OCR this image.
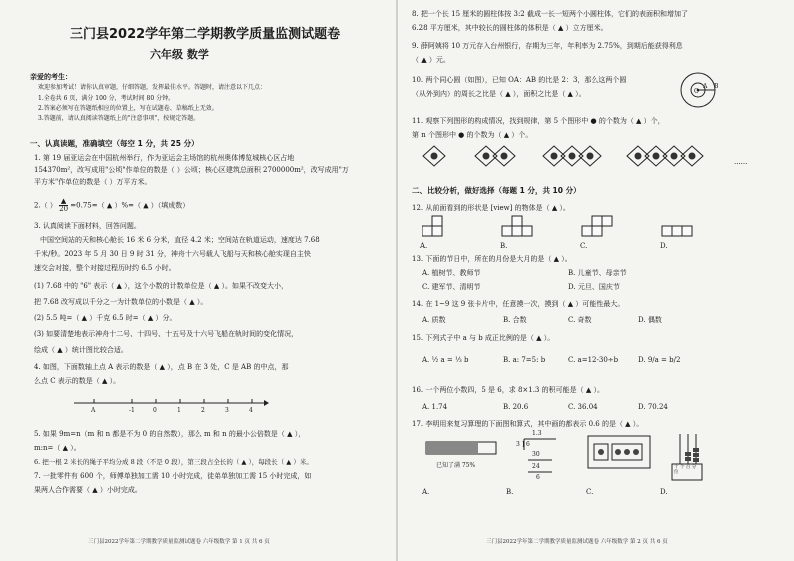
三门县2022学年第二学期教学质量监测试题卷
六年级 数学
亲爱的考生：
欢迎参加考试！请你认真审题，仔细答题，发挥最佳水平。答题时，请注意以下几点：
1.全卷共 6 页，满分 100 分，考试时间 80 分钟。
2.答案必须写在答题纸相应的位置上，写在试题卷、草稿纸上无效。
3.答题前，请认真阅读答题纸上的"注意事项"，按规定答题。
一、认真读题，准确填空（每空 1 分，共 25 分）
1. 第 19 届亚运会在中国杭州举行，作为亚运会主场馆的杭州奥体博览城核心区占地
154370m²，改写成用"公顷"作单位的数是（ ）公顷；核心区建筑总面积 2700000m²，改写成用"万
平方米"作单位的数是（ ）万平方米。
2.（ ） $\frac{▲}{20} =0.75=$（ ▲ ）%=（ ▲ ）（填成数）
3. 认真阅读下面材料，回答问题。
中国空间站的天和核心舱长 16 米 6 分米，直径 4.2 米；空间站在轨道运动，速度达 7.68
千米/秒。2023 年 5 月 30 日 9 时 31 分，神舟十六号载人飞船与天和核心舱实现自主快
速交会对接，整个对接过程历时约 6.5 小时。
(1) 7.68 中的 "6" 表示（ ▲ ），这个小数的计数单位是（ ▲ ）。如果不改变大小，
把 7.68 改写成以千分之一为计数单位的小数是（ ▲ ）。
(2) 5.5 吨=（ ▲ ）千克 6.5 时=（ ▲ ）分。
(3) 如要清楚地表示神舟十二号、十四号、十五号及十六号飞船在轨时间的变化情况，
绘成（ ▲ ）统计图比较合适。
4. 如图，下面数轴上点 A 表示的数是（ ▲ ），点 B 在 3 处，C 是 AB 的中点，那
么点 C 表示的数是（ ▲ ）。
A	-1	0	1	2	3	4
5. 如果 9m=n（m 和 n 都是不为 0 的自然数），那么 m 和 n 的最小公倍数是（ ▲ ），
m:n=（ ▲ ）。
6. 把一根 2 米长的绳子平均分成 8 段（不是 0 段），第三段占全长的（ ▲ ），每段长（ ▲ ）米。
7. 一批零件有 600 个，师傅单独加工需 10 小时完成，徒弟单独加工需 15 小时完成，如
果两人合作需要（ ▲ ）小时完成。
三门县2022学年第二学期教学质量监测试题卷 六年级数学 第 1 页 共 6 页
8. 把一个长 15 厘米的圆柱体按 3:2 截成一长一短两个小圆柱体，它们的表面积和增加了
6.28 平方厘米，其中较长的圆柱体的体积是（ ▲ ）立方厘米。
9. 薛阿姨将 10 万元存入台州银行，存期为三年，年利率为 2.75%，到期后能获得利息
（ ▲ ）元。
10. 两个同心圆（如图），已知 OA：AB 的比是 2：3，那么这两个圆
（从外到内）的周长之比是（ ▲ ），面积之比是（ ▲ ）。	O
A B
11. 观察下列图形的构成情况，找到规律，第 5 个图形中 ● 的个数为（ ▲ ）个，
第 n 个图形中 ● 的个数为（ ▲ ）个。
......
二、比较分析，做好选择（每题 1 分，共 10 分）
12. 从前面看到的形状是 [view] 的物体是（ ▲ ）。
13. 下面的节日中，所在的月份是大月的是（ ▲ ）。
A. 植树节、教师节	B. 儿童节、母亲节
C. 建军节、清明节	D. 元旦、国庆节
14. 在 1~9 这 9 张卡片中，任意摸一次，摸到（ ▲ ）可能性最大。
A. 质数	B. 合数	C. 奇数	D. 偶数
15. 下列式子中 a 与 b 成正比例的是（ ▲ ）。
A. ½ a = ⅓ b	B. a: 7=5: b	C. a=12-30÷b	D. 9/a = b/2
16. 一个两位小数四，5 是 6，求 8×1.3 的积可能是（ ▲ ）。
A. 1.74	B. 20.6	C. 36.04	D. 70.24
17. 李明用来复习算理的下面图和算式，其中画的都表示 0.6 的是（ ▲ ）。
已知了满 75%
1.3
3 ] 6
30
24
6
十 个 百 分 位
A.	B.	C.	D.
三门县2022学年第二学期教学质量监测试题卷 六年级数学 第 2 页 共 6 页
A.	B.	C.	D.
